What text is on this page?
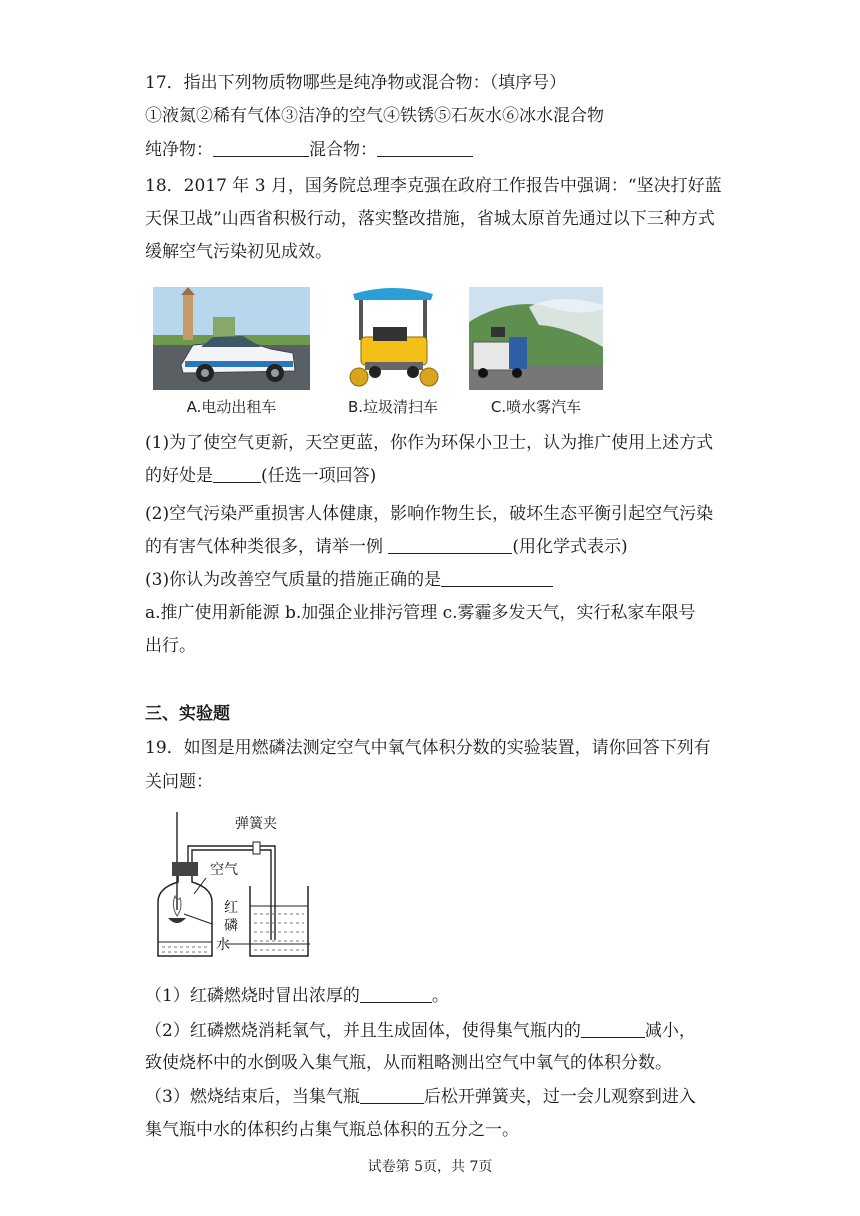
17．指出下列物质物哪些是纯净物或混合物：（填序号）
①液氮②稀有气体③洁净的空气④铁锈⑤石灰水⑥冰水混合物
纯净物：	混合物：
18．2017 年 3 月，国务院总理李克强在政府工作报告中强调：“坚决打好蓝
天保卫战”山西省积极行动，落实整改措施，省城太原首先通过以下三种方式
缓解空气污染初见成效。
A.电动出租车	B.垃圾清扫车	C.喷水雾汽车
(1)为了使空气更新，天空更蓝，你作为环保小卫士，认为推广使用上述方式
的好处是	(任选一项回答)
(2)空气污染严重损害人体健康，影响作物生长，破坏生态平衡引起空气污染
的有害气体种类很多，请举一例	(用化学式表示)
(3)你认为改善空气质量的措施正确的是
a.推广使用新能源 b.加强企业排污管理 c.雾霾多发天气，实行私家车限号
出行。
三、实验题
19．如图是用燃磷法测定空气中氧气体积分数的实验装置，请你回答下列有
关问题：
弹簧夹
空气
红
磷
水
（1）红磷燃烧时冒出浓厚的	。
（2）红磷燃烧消耗氧气，并且生成固体，使得集气瓶内的	减小，
致使烧杯中的水倒吸入集气瓶，从而粗略测出空气中氧气的体积分数。
（3）燃烧结束后，当集气瓶	后松开弹簧夹，过一会儿观察到进入
集气瓶中水的体积约占集气瓶总体积的五分之一。
试卷第 5页，共 7页
